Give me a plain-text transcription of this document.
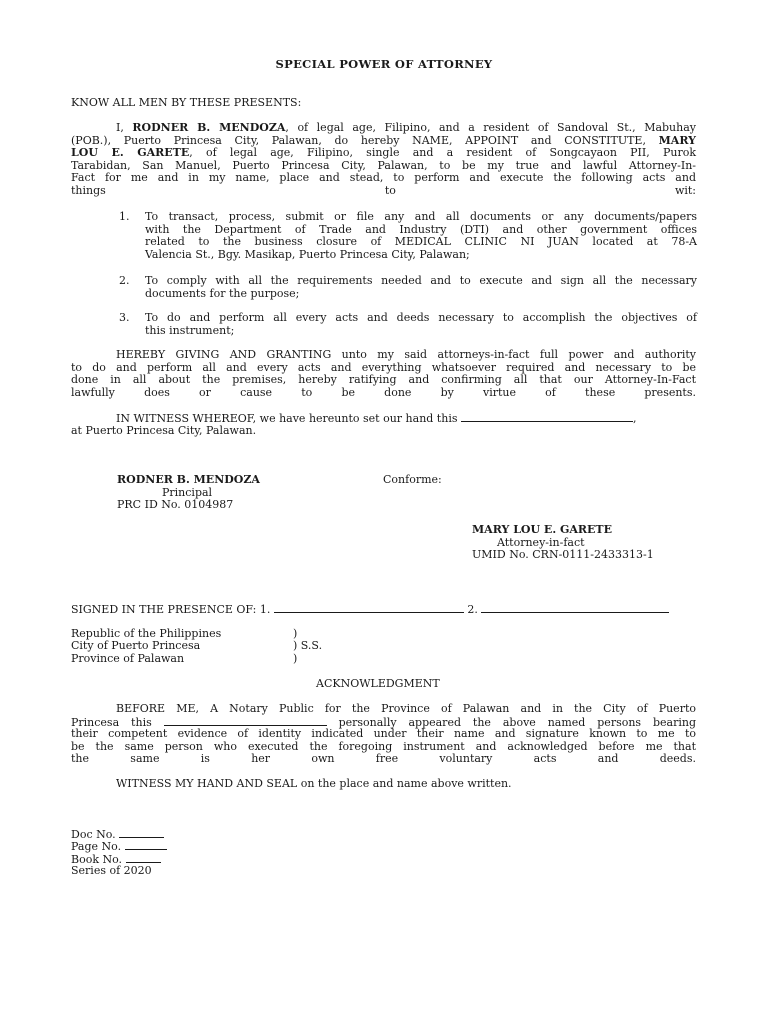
SPECIAL POWER OF ATTORNEY
KNOW ALL MEN BY THESE PRESENTS:
I, RODNER B. MENDOZA, of legal age, Filipino, and a resident of Sandoval St., Mabuhay
(POB.), Puerto Princesa City, Palawan, do hereby NAME, APPOINT and CONSTITUTE, MARY
LOU E. GARETE, of legal age, Filipino, single and a resident of Songcayaon PII, Purok
Tarabidan, San Manuel, Puerto Princesa City, Palawan, to be my true and lawful Attorney-In-
Fact for me and in my name, place and stead, to perform and execute the following acts and
things to wit:
1. To transact, process, submit or file any and all documents or any documents/papers
with the Department of Trade and Industry (DTI) and other government offices
related to the business closure of MEDICAL CLINIC NI JUAN located at 78-A
Valencia St., Bgy. Masikap, Puerto Princesa City, Palawan;
2. To comply with all the requirements needed and to execute and sign all the necessary
documents for the purpose;
3. To do and perform all every acts and deeds necessary to accomplish the objectives of
this instrument;
HEREBY GIVING AND GRANTING unto my said attorneys-in-fact full power and authority
to do and perform all and every acts and everything whatsoever required and necessary to be
done in all about the premises, hereby ratifying and confirming all that our Attorney-In-Fact
lawfully does or cause to be done by virtue of these presents.
IN WITNESS WHEREOF, we have hereunto set our hand this	,
at Puerto Princesa City, Palawan.
RODNER B. MENDOZA
Principal
PRC ID No. 0104987
Conforme:
MARY LOU E. GARETE
Attorney-in-fact
UMID No. CRN-0111-2433313-1
SIGNED IN THE PRESENCE OF: 1.	2.
Republic of the Philippines
City of Puerto Princesa
Province of Palawan
)
) S.S.
)
ACKNOWLEDGMENT
BEFORE ME, A Notary Public for the Province of Palawan and in the City of Puerto
Princesa this	personally appeared the above named persons bearing
their competent evidence of identity indicated under their name and signature known to me to
be the same person who executed the foregoing instrument and acknowledged before me that
the same is her own free voluntary acts and deeds.
WITNESS MY HAND AND SEAL on the place and name above written.
Doc No.
Page No.
Book No.
Series of 2020
